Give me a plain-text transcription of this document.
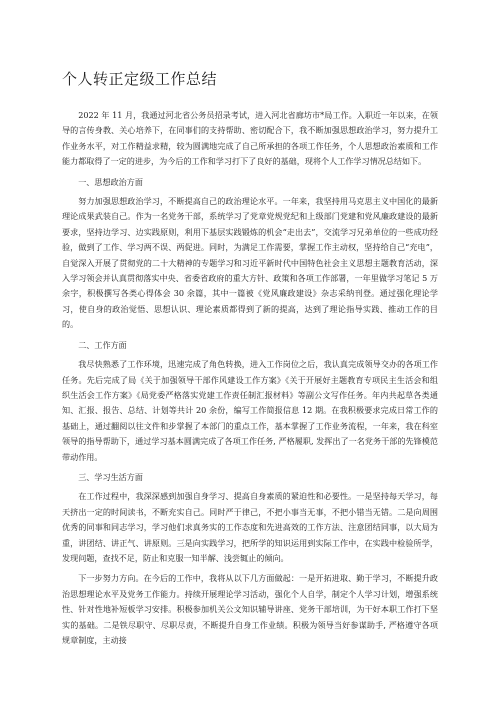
个人转正定级工作总结

2022 年 11 月，我通过河北省公务员招录考试，进入河北省廊坊市*局工作。入职近一年以来，在领导的言传身教、关心培养下，在同事们的支持帮助、密切配合下，我不断加强思想政治学习，努力提升工作业务水平，对工作精益求精，较为圆满地完成了自己所承担的各项工作任务，个人思想政治素质和工作能力都取得了一定的进步，为今后的工作和学习打下了良好的基础，现将个人工作学习情况总结如下。

一、思想政治方面

努力加强思想政治学习，不断提高自己的政治理论水平。一年来，我坚持用马克思主义中国化的最新理论成果武装自己。作为一名党务干部，系统学习了党章党规党纪和上级部门党建和党风廉政建设的最新要求，坚持边学习、边实践原则，利用下基层实践锻炼的机会“走出去”，交流学习兄弟单位的一些成功经验，做到了工作、学习两不误、两促进。同时，为满足工作需要，掌握工作主动权，坚持给自己“充电”，自觉深入开展了贯彻党的二十大精神的专题学习和习近平新时代中国特色社会主义思想主题教育活动，深入学习领会并认真贯彻落实中央、省委省政府的重大方针、政策和各项工作部署，一年里做学习笔记 5 万余字，积极撰写各类心得体会 30 余篇，其中一篇被《党风廉政建设》杂志采纳刊登。通过强化理论学习，使自身的政治觉悟、思想认识、理论素质都得到了新的提高，达到了理论指导实践、推动工作的目的。

二、工作方面

我尽快熟悉了工作环境，迅速完成了角色转换，进入工作岗位之后，我认真完成领导交办的各项工作任务。先后完成了局《关于加强领导干部作风建设工作方案》《关于开展好主题教育专项民主生活会和组织生活会工作方案》《局党委严格落实党建工作责任制汇报材料》等副公文写作任务。年内共起草各类通知、汇报、报告、总结、计划等共计 20 余份，编写工作简报信息 12 期。在我积极要求完成日常工作的基础上，通过翻阅以往文件和步掌握了本部门的重点工作，基本掌握了工作业务流程，一年来，我在科室领导的指导帮助下，通过学习基本圆满完成了各项工作任务, 严格履职, 发挥出了一名党务干部的先锋模范带动作用。

三、学习生活方面

在工作过程中，我深深感到加强自身学习、提高自身素质的紧迫性和必要性。一是坚持每天学习，每天挤出一定的时间读书，不断充实自己。同时严于律己，不把小事当无事，不把小错当无错。二是向周围优秀的同事和同志学习，学习他们求真务实的工作态度和先进高效的工作方法、注意团结同事，以大局为重，讲团结、讲正气、讲原则。三是向实践学习，把所学的知识运用到实际工作中，在实践中检验所学，发现问题，查找不足，防止和克服一知半解、浅尝辄止的倾向。

下一步努力方向。在今后的工作中，我将从以下几方面做起：一是开拓进取、勤于学习，不断提升政治思想理论水平及党务工作能力。持续开展理论学习活动，强化个人自学，制定个人学习计划，增强系统性、针对性地补短板学习安排。积极参加机关公文知识辅导讲座、党务干部培训，为干好本职工作打下坚实的基础。二是铁尽职守、尽职尽责，不断提升自身工作业绩。积极为领导当好参谋助手, 严格遵守各项规章制度，主动接
